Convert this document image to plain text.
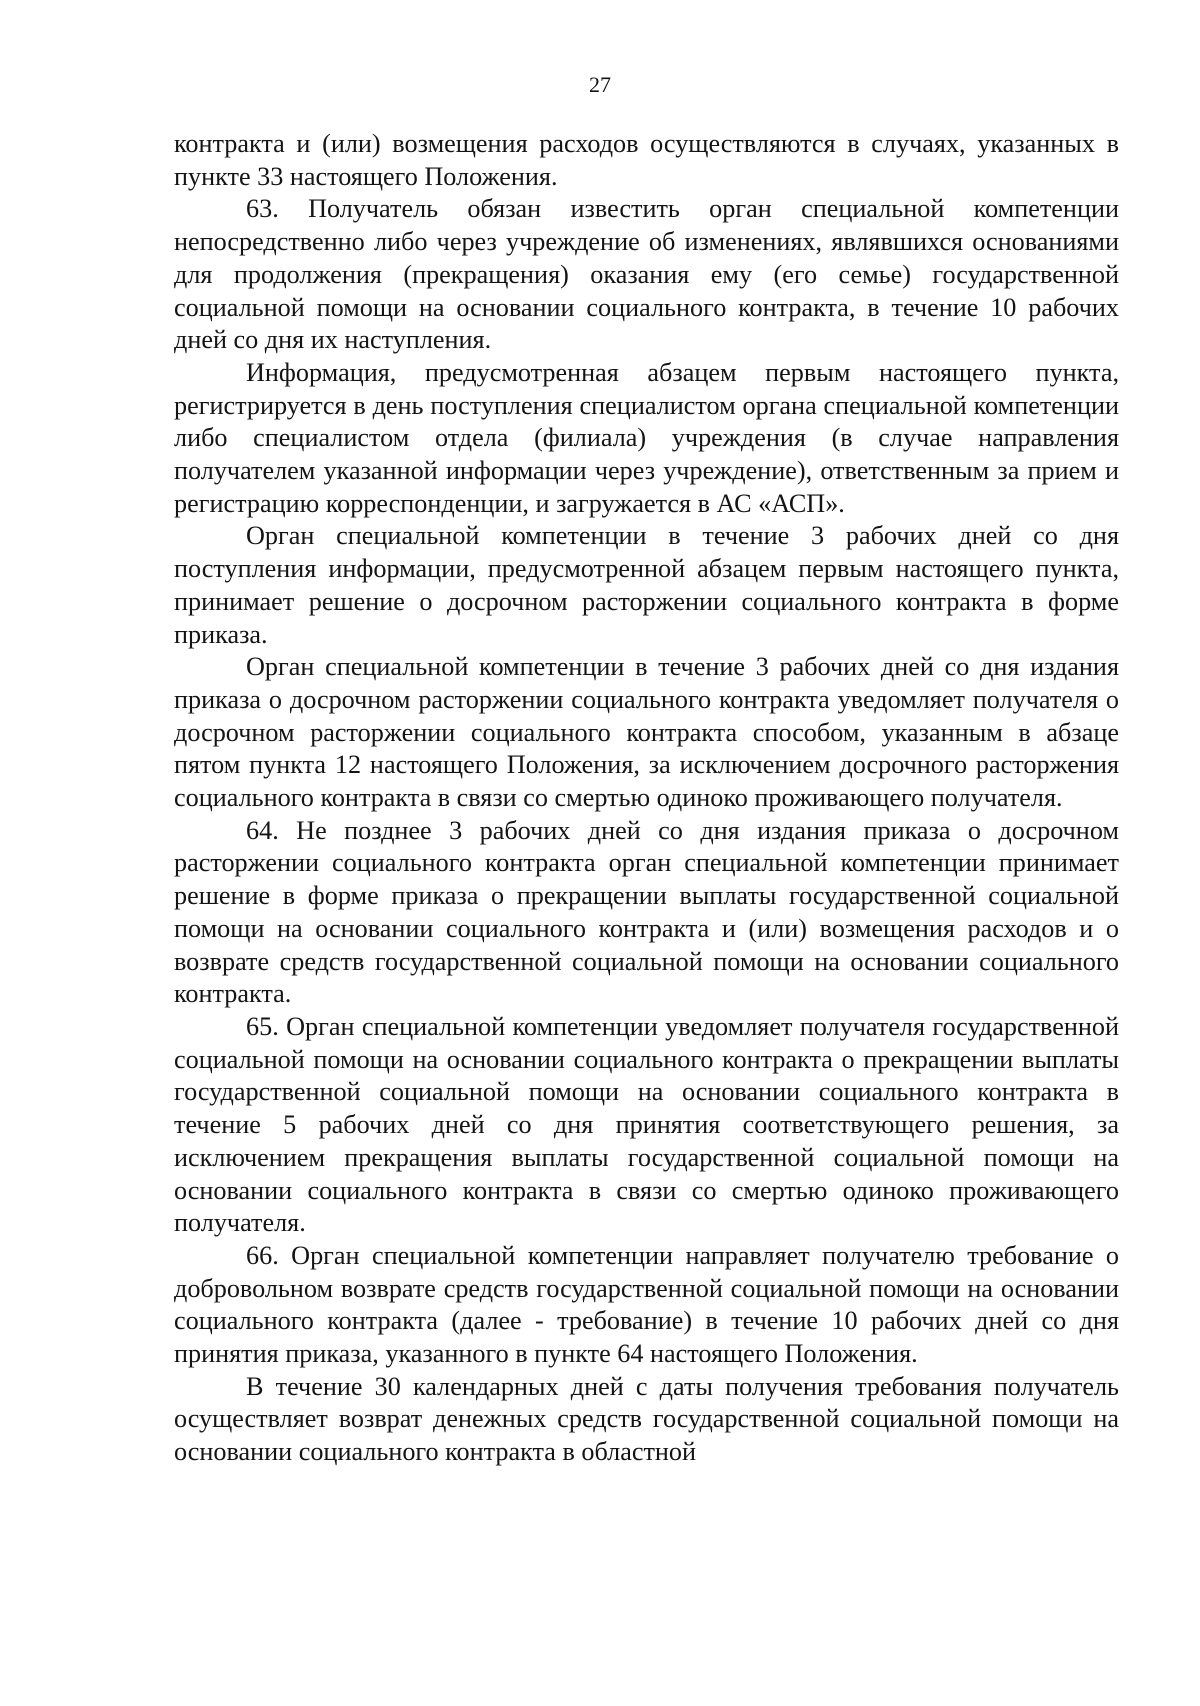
27

контракта и (или) возмещения расходов осуществляются в случаях, указанных в пункте 33 настоящего Положения.

63. Получатель обязан известить орган специальной компетенции непосредственно либо через учреждение об изменениях, являвшихся основаниями для продолжения (прекращения) оказания ему (его семье) государственной социальной помощи на основании социального контракта, в течение 10 рабочих дней со дня их наступления.

Информация, предусмотренная абзацем первым настоящего пункта, регистрируется в день поступления специалистом органа специальной компетенции либо специалистом отдела (филиала) учреждения (в случае направления получателем указанной информации через учреждение), ответственным за прием и регистрацию корреспонденции, и загружается в АС «АСП».

Орган специальной компетенции в течение 3 рабочих дней со дня поступления информации, предусмотренной абзацем первым настоящего пункта, принимает решение о досрочном расторжении социального контракта в форме приказа.

Орган специальной компетенции в течение 3 рабочих дней со дня издания приказа о досрочном расторжении социального контракта уведомляет получателя о досрочном расторжении социального контракта способом, указанным в абзаце пятом пункта 12 настоящего Положения, за исключением досрочного расторжения социального контракта в связи со смертью одиноко проживающего получателя.

64. Не позднее 3 рабочих дней со дня издания приказа о досрочном расторжении социального контракта орган специальной компетенции принимает решение в форме приказа о прекращении выплаты государственной социальной помощи на основании социального контракта и (или) возмещения расходов и о возврате средств государственной социальной помощи на основании социального контракта.

65. Орган специальной компетенции уведомляет получателя государственной социальной помощи на основании социального контракта о прекращении выплаты государственной социальной помощи на основании социального контракта в течение 5 рабочих дней со дня принятия соответствующего решения, за исключением прекращения выплаты государственной социальной помощи на основании социального контракта в связи со смертью одиноко проживающего получателя.

66. Орган специальной компетенции направляет получателю требование о добровольном возврате средств государственной социальной помощи на основании социального контракта (далее - требование) в течение 10 рабочих дней со дня принятия приказа, указанного в пункте 64 настоящего Положения.

В течение 30 календарных дней с даты получения требования получатель осуществляет возврат денежных средств государственной социальной помощи на основании социального контракта в областной
